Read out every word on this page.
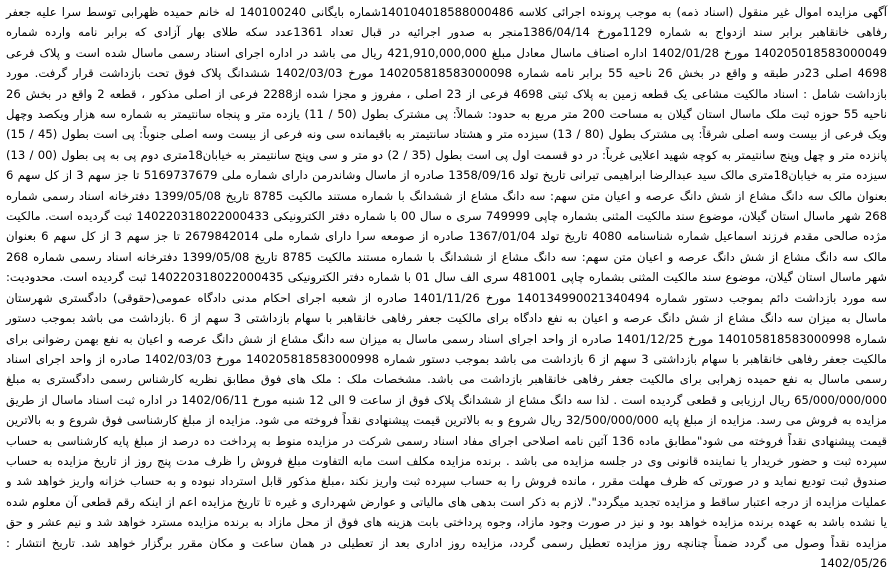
آگهی مزایده اموال غیر منقول (اسناد ذمه) به موجب پرونده اجرائی کلاسه 140104018588000486شماره بایگانی 140100240 له خانم حمیده ظهرابی توسط سرا علیه جعفر رفاهی خانقاهبر برابر سند ازدواج به شماره 1129مورخ 1386/04/14منجر به صدور اجرائیه در قبال تعداد 1361عدد سکه طلای بهار آزادی که برابر نامه وارده شماره 140205018583000049 مورخ 1402/01/28 اداره اصناف ماسال معادل مبلغ 421,910,000,000 ریال می باشد در اداره اجرای اسناد رسمی ماسال شده است و پلاک فرعی 4698 اصلی 23در طبقه و واقع در بخش 26 ناحیه 55 برابر نامه شماره 140205818583000098 مورخ 1402/03/03 ششدانگ پلاک فوق تحت بازداشت قرار گرفت. مورد بازداشت شامل : اسناد مالکیت مشاعی یک قطعه زمین به پلاک ثبتی 4698 فرعی از 23 اصلی ، مفروز و مجزا شده از2288 فرعی از اصلی مذکور ، قطعه 2 واقع در بخش 26 ناحیه 55 حوزه ثبت ملک ماسال استان گیلان به مساحت 200 متر مربع به حدود: شمالاً: پی مشترک بطول (50 / 11) یازده متر و پنجاه سانتیمتر به شماره سه هزار ویکصد وچهل ویک فرعی از بیست وسه اصلی شرقاً: پی مشترک بطول (80 / 13) سیزده متر و هشتاد سانتیمتر به باقیمانده سی ونه فرعی از بیست وسه اصلی جنوباً: پی است بطول (45 / 15) پانزده متر و چهل وپنج سانتیمتر به کوچه شهید اعلایی غرباً: در دو قسمت اول پی است بطول (35 / 2) دو متر و سی وپنج سانتیمتر به خیابان18متری دوم پی به پی بطول (00 / 13) سیزده متر به خیابان18متری مالک سید عبدالرضا ابراهیمی تیرانی تاریخ تولد 1358/09/16 صادره از ماسال وشاندرمن دارای شماره ملی 5169737679 تا جز سهم 3 از کل سهم 6 بعنوان مالک سه دانگ مشاع از شش دانگ عرصه و اعیان متن سهم: سه دانگ مشاع از ششدانگ با شماره مستند مالکیت 8785 تاریخ 1399/05/08 دفترخانه اسناد رسمی شماره 268 شهر ماسال استان گیلان، موضوع سند مالکیت المثنی بشماره چاپی 749999 سری ه سال 00 با شماره دفتر الکترونیکی 140220318022000433 ثبت گردیده است. مالکیت مژده صالحی مقدم فرزند اسماعیل شماره شناسنامه 4080 تاریخ تولد 1367/01/04 صادره از صومعه سرا دارای شماره ملی 2679842014 تا جز سهم 3 از کل سهم 6 بعنوان مالک سه دانگ مشاع از شش دانگ عرصه و اعیان متن سهم: سه دانگ مشاع از ششدانگ با شماره مستند مالکیت 8785 تاریخ 1399/05/08 دفترخانه اسناد رسمی شماره 268 شهر ماسال استان گیلان، موضوع سند مالکیت المثنی بشماره چاپی 481001 سری الف سال 01 با شماره دفتر الکترونیکی 140220318022000435 ثبت گردیده است. محدودیت: سه مورد بازداشت دائم بموجب دستور شماره 140134990021340494 مورخ 1401/11/26 صادره از شعبه اجرای احکام مدنی دادگاه عمومی(حقوقی) دادگستری شهرستان ماسال به میزان سه دانگ مشاع از شش دانگ عرصه و اعیان به نفع دادگاه برای مالکیت جعفر رفاهی خانقاهبر با سهام بازداشتی 3 سهم از 6 .بازداشت می باشد بموجب دستور شماره 140105818583000998 مورخ 1401/12/25 صادره از واحد اجرای اسناد رسمی ماسال به میزان سه دانگ مشاع از شش دانگ عرصه و اعیان به نفع بهمن رضوانی برای مالکیت جعفر رفاهی خانقاهبر با سهام بازداشتی 3 سهم از 6 بازداشت می باشد بموجب دستور شماره 140205818583000998 مورخ 1402/03/03 صادره از واحد اجرای اسناد رسمی ماسال به نفع حمیده زهرابی برای مالکیت جعفر رفاهی خانقاهبر بازداشت می باشد. مشخصات ملک : ملک های فوق مطابق نظریه کارشناس رسمی دادگستری به مبلغ 65/000/000/000 ریال ارزیابی و قطعی گردیده است . لذا سه دانگ مشاع از ششدانگ پلاک فوق از ساعت 9 الی 12 شنبه مورخ 1402/06/11 در اداره ثبت اسناد ماسال از طریق مزایده به فروش می رسد. مزایده از مبلغ پایه 32/500/000/000 ریال شروع و به بالاترین قیمت پیشنهادی نقداً فروخته می شود. مزایده از مبلغ کارشناسی فوق شروع و به بالاترین قیمت پیشنهادی نقداً فروخته می شود"مطابق ماده 136 آئین نامه اصلاحی اجرای مفاد اسناد رسمی شرکت در مزایده منوط به پرداخت ده درصد از مبلغ پایه کارشناسی به حساب سپرده ثبت و حضور خریدار یا نماینده قانونی وی در جلسه مزایده می باشد . برنده مزایده مکلف است مابه التفاوت مبلغ فروش را ظرف مدت پنج روز از تاریخ مزایده به حساب صندوق ثبت تودیع نماید و در صورتی که ظرف مهلت مقرر ، مانده فروش را به حساب سپرده ثبت واریز نکند ،مبلغ مذکور قابل استرداد نبوده و به حساب خزانه واریز خواهد شد و عملیات مزایده از درجه اعتبار ساقط و مزایده تجدید میگردد". لازم به ذکر است بدهی های مالیاتی و عوارض شهرداری و غیره تا تاریخ مزایده اعم از اینکه رقم قطعی آن معلوم شده یا نشده باشد به عهده برنده مزایده خواهد بود و نیز در صورت وجود مازاد، وجوه پرداختی بابت هزینه های فوق از محل مازاد به برنده مزایده مسترد خواهد شد و نیم عشر و حق مزایده نقداً وصول می گردد ضمناً چنانچه روز مزایده تعطیل رسمی گردد، مزایده روز اداری بعد از تعطیلی در همان ساعت و مکان مقرر برگزار خواهد شد. تاریخ انتشار : 1402/05/26
